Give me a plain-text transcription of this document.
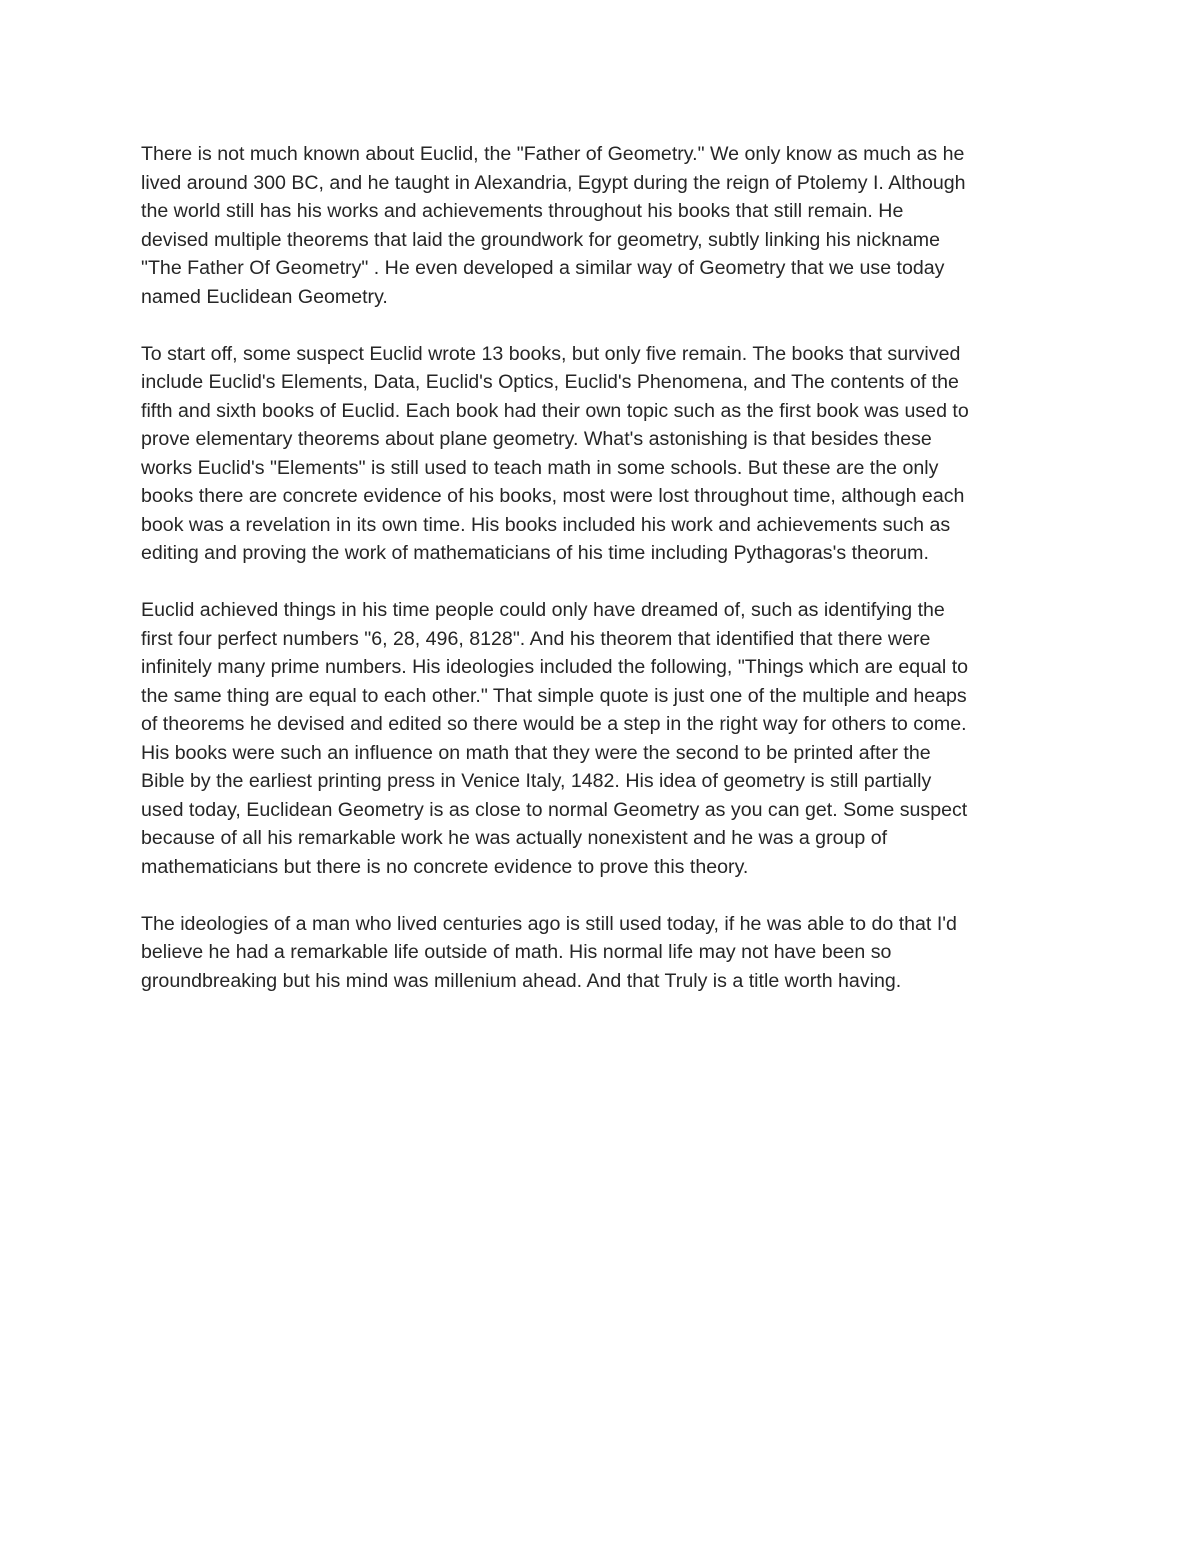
There is not much known about Euclid, the "Father of Geometry." We only know as much as he
lived around 300 BC, and he taught in Alexandria, Egypt during the reign of Ptolemy I. Although
the world still has his works and achievements throughout his books that still remain. He
devised multiple theorems that laid the groundwork for geometry, subtly linking his nickname
"The Father Of Geometry" . He even developed a similar way of Geometry that we use today
named Euclidean Geometry.

To start off, some suspect Euclid wrote 13 books, but only five remain. The books that survived
include Euclid's Elements, Data, Euclid's Optics, Euclid's Phenomena, and The contents of the
fifth and sixth books of Euclid. Each book had their own topic such as the first book was used to
prove elementary theorems about plane geometry. What's astonishing is that besides these
works Euclid's "Elements" is still used to teach math in some schools. But these are the only
books there are concrete evidence of his books, most were lost throughout time, although each
book was a revelation in its own time. His books included his work and achievements such as
editing and proving the work of mathematicians of his time including Pythagoras's theorum.

Euclid achieved things in his time people could only have dreamed of, such as identifying the
first four perfect numbers "6, 28, 496, 8128". And his theorem that identified that there were
infinitely many prime numbers. His ideologies included the following, "Things which are equal to
the same thing are equal to each other." That simple quote is just one of the multiple and heaps
of theorems he devised and edited so there would be a step in the right way for others to come.
His books were such an influence on math that they were the second to be printed after the
Bible by the earliest printing press in Venice Italy, 1482. His idea of geometry is still partially
used today, Euclidean Geometry is as close to normal Geometry as you can get. Some suspect
because of all his remarkable work he was actually nonexistent and he was a group of
mathematicians but there is no concrete evidence to prove this theory.

The ideologies of a man who lived centuries ago is still used today, if he was able to do that I'd
believe he had a remarkable life outside of math. His normal life may not have been so
groundbreaking but his mind was millenium ahead. And that Truly is a title worth having.
